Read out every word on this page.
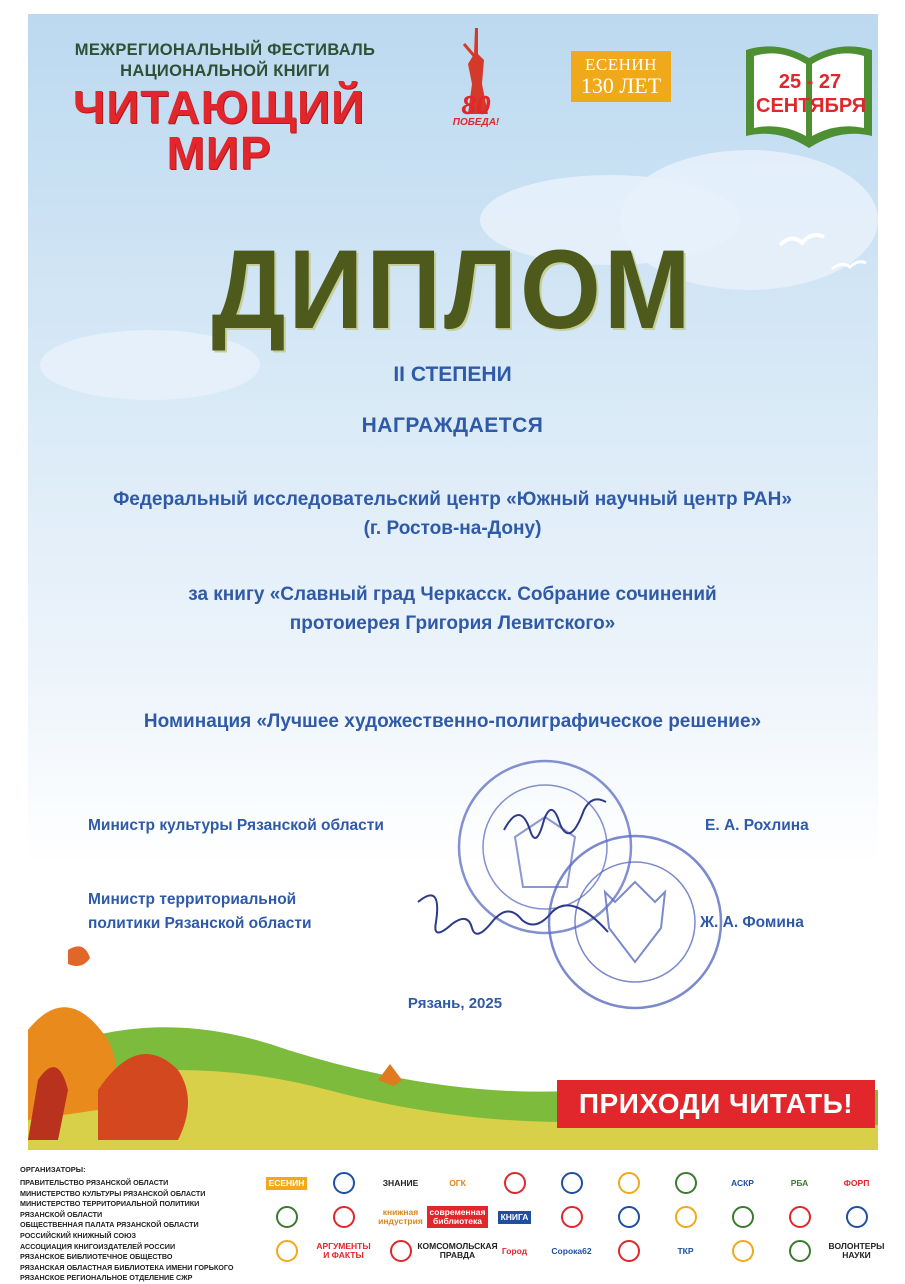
МЕЖРЕГИОНАЛЬНЫЙ ФЕСТИВАЛЬ
НАЦИОНАЛЬНОЙ КНИГИ
ЧИТАЮЩИЙ
МИР
80
ПОБЕДА!
ЕСЕНИН
130 ЛЕТ	25 - 27
СЕНТЯБРЯ
ДИПЛОМ
II СТЕПЕНИ
НАГРАЖДАЕТСЯ
Федеральный исследовательский центр «Южный научный центр РАН»
(г. Ростов-на-Дону)
за книгу «Славный град Черкасск. Собрание сочинений
протоиерея Григория Левитского»
Номинация «Лучшее художественно-полиграфическое решение»
Министр культуры Рязанской области	Е. А. Рохлина
Министр территориальной
политики Рязанской области	Ж. А. Фомина
Рязань, 2025
ПРИХОДИ ЧИТАТЬ!
ОРГАНИЗАТОРЫ:
ПРАВИТЕЛЬСТВО РЯЗАНСКОЙ ОБЛАСТИ
МИНИСТЕРСТВО КУЛЬТУРЫ РЯЗАНСКОЙ ОБЛАСТИ
МИНИСТЕРСТВО ТЕРРИТОРИАЛЬНОЙ ПОЛИТИКИ
РЯЗАНСКОЙ ОБЛАСТИ
ОБЩЕСТВЕННАЯ ПАЛАТА РЯЗАНСКОЙ ОБЛАСТИ
РОССИЙСКИЙ КНИЖНЫЙ СОЮЗ
АССОЦИАЦИЯ КНИГОИЗДАТЕЛЕЙ РОССИИ
РЯЗАНСКОЕ БИБЛИОТЕЧНОЕ ОБЩЕСТВО
РЯЗАНСКАЯ ОБЛАСТНАЯ БИБЛИОТЕКА ИМЕНИ ГОРЬКОГО
РЯЗАНСКОЕ РЕГИОНАЛЬНОЕ ОТДЕЛЕНИЕ СЖР
ЕСЕНИН	ЗНАНИЕ	ОГК	АСКР	РБА	ФОРП
книжная индустрия
современная библиотека	КНИГА
АРГУМЕНТЫ И ФАКТЫ
КОМСОМОЛЬСКАЯ ПРАВДА	Город	Сорока62	ТКР	ВОЛОНТЕРЫ НАУКИ
